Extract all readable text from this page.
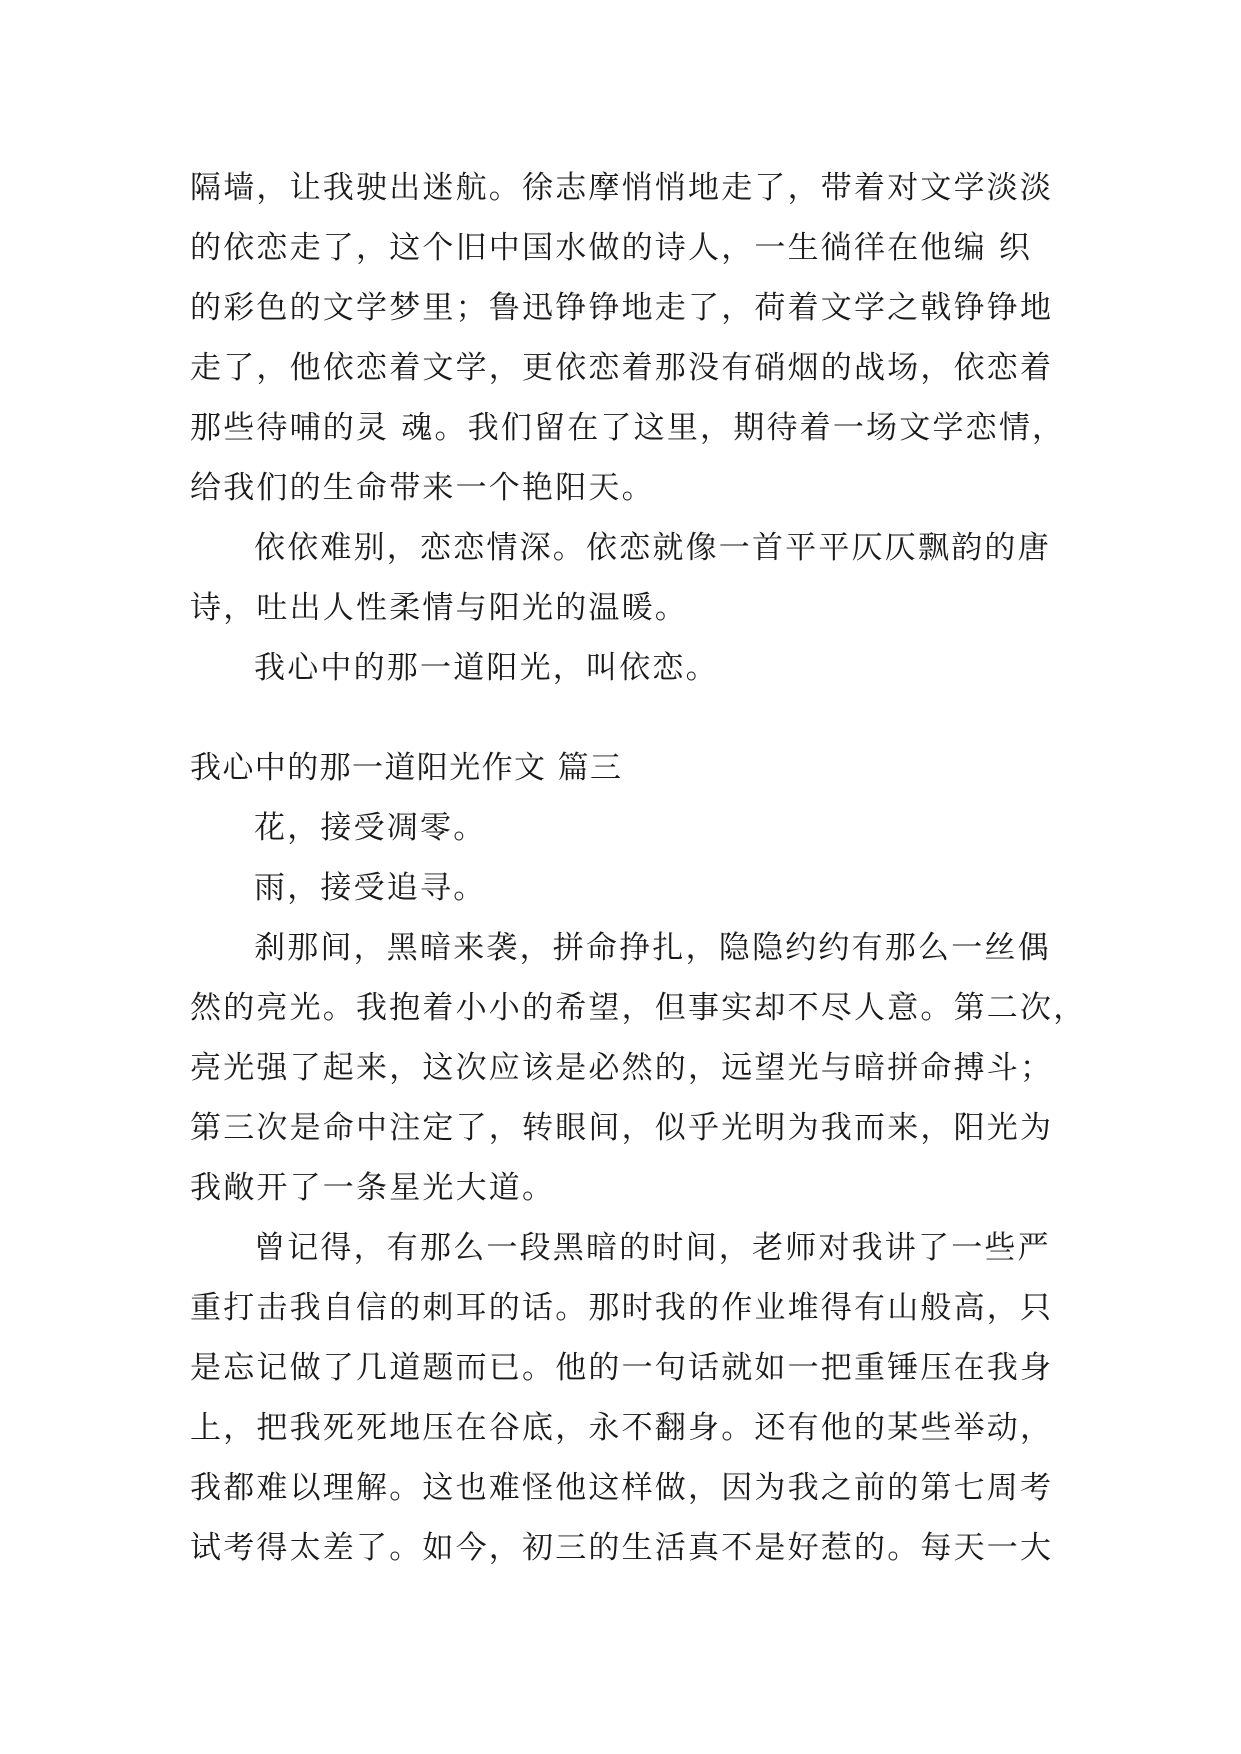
隔墙，让我驶出迷航。徐志摩悄悄地走了，带着对文学淡淡
的依恋走了，这个旧中国水做的诗人，一生徜徉在他编 织
的彩色的文学梦里；鲁迅铮铮地走了，荷着文学之戟铮铮地
走了，他依恋着文学，更依恋着那没有硝烟的战场，依恋着
那些待哺的灵 魂。我们留在了这里，期待着一场文学恋情，
给我们的生命带来一个艳阳天。
依依难别，恋恋情深。依恋就像一首平平仄仄飘韵的唐
诗，吐出人性柔情与阳光的温暖。
我心中的那一道阳光，叫依恋。
我心中的那一道阳光作文 篇三
花，接受凋零。
雨，接受追寻。
刹那间，黑暗来袭，拼命挣扎，隐隐约约有那么一丝偶
然的亮光。我抱着小小的希望，但事实却不尽人意。第二次，
亮光强了起来，这次应该是必然的，远望光与暗拼命搏斗；
第三次是命中注定了，转眼间，似乎光明为我而来，阳光为
我敞开了一条星光大道。
曾记得，有那么一段黑暗的时间，老师对我讲了一些严
重打击我自信的刺耳的话。那时我的作业堆得有山般高，只
是忘记做了几道题而已。他的一句话就如一把重锤压在我身
上，把我死死地压在谷底，永不翻身。还有他的某些举动，
我都难以理解。这也难怪他这样做，因为我之前的第七周考
试考得太差了。如今，初三的生活真不是好惹的。每天一大
